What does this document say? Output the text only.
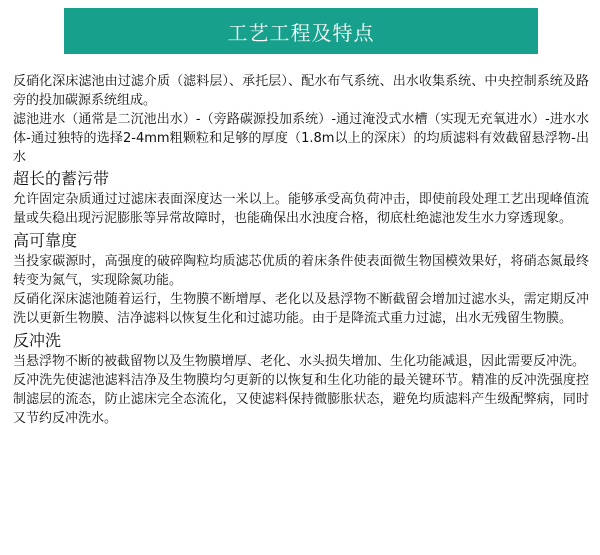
工艺工程及特点

反硝化深床滤池由过滤介质（滤料层）、承托层）、配水布气系统、出水收集系统、中央控制系统及路旁的投加碳源系统组成。

滤池进水（通常是二沉池出水）-（旁路碳源投加系统）-通过淹没式水槽（实现无充氧进水）-进水水体-通过独特的选择2-4mm粗颗粒和足够的厚度（1.8m以上的深床）的均质滤料有效截留悬浮物-出水

超长的蓄污带

允许固定杂质通过过滤床表面深度达一米以上。能够承受高负荷冲击，即使前段处理工艺出现峰值流量或失稳出现污泥膨胀等异常故障时，也能确保出水浊度合格，彻底杜绝滤池发生水力穿透现象。

高可靠度

当投家碳源时，高强度的破碎陶粒均质滤芯优质的着床条件使表面微生物国模效果好，将硝态氮最终转变为氮气，实现除氮功能。

反硝化深床滤池随着运行，生物膜不断增厚、老化以及悬浮物不断截留会增加过滤水头，需定期反冲洗以更新生物膜、洁净滤料以恢复生化和过滤功能。由于是降流式重力过滤，出水无残留生物膜。

反冲洗

当悬浮物不断的被截留物以及生物膜增厚、老化、水头损失增加、生化功能减退，因此需要反冲洗。

反冲洗先使滤池滤料洁净及生物膜均匀更新的以恢复和生化功能的最关键环节。精准的反冲洗强度控制滤层的流态，防止滤床完全态流化，又使滤料保持微膨胀状态，避免均质滤料产生级配弊病，同时又节约反冲洗水。
